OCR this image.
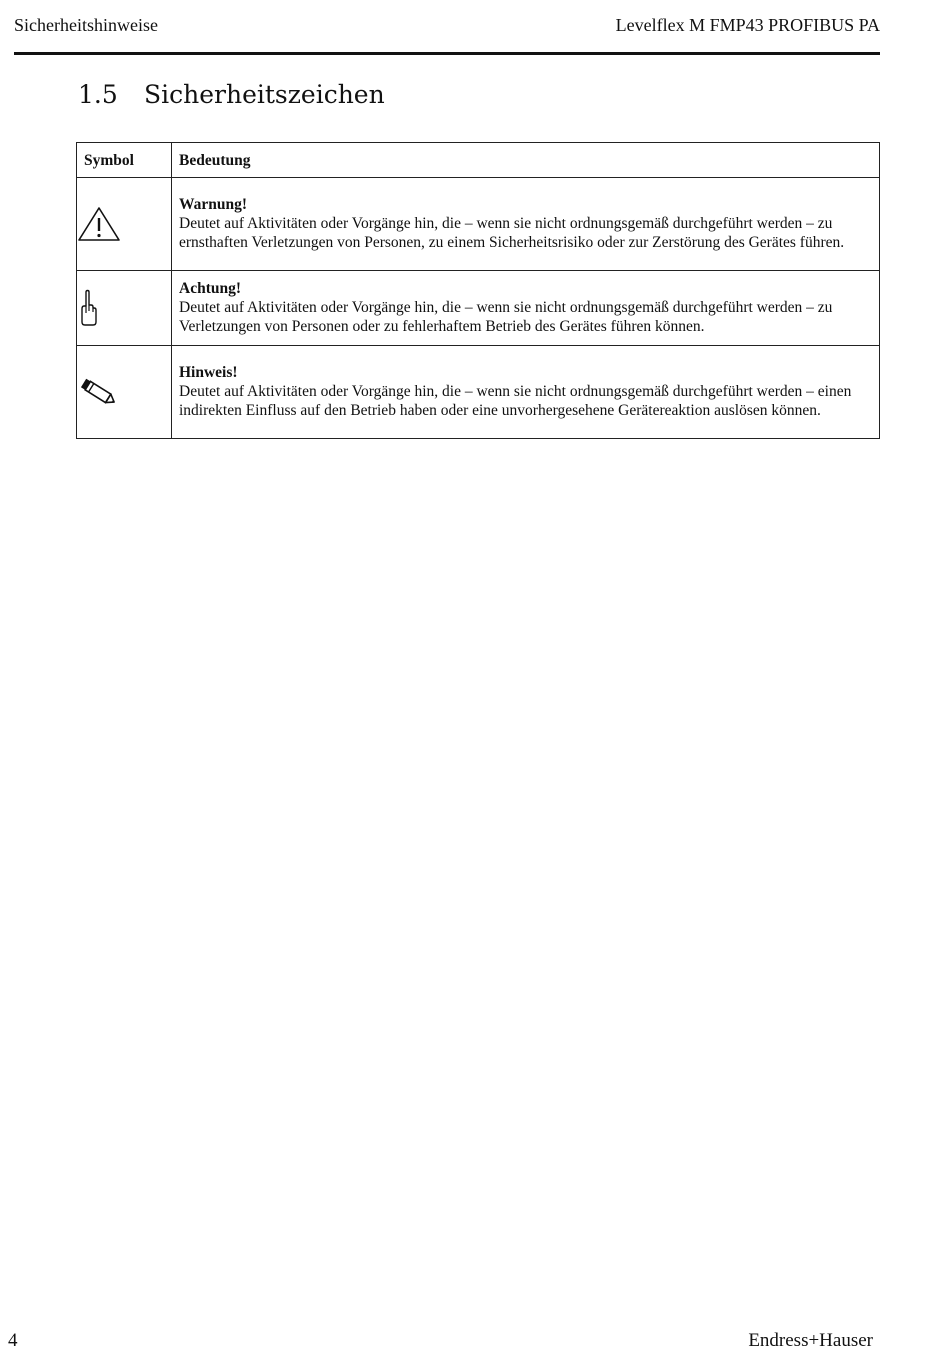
Sicherheitshinweise	Levelflex M FMP43 PROFIBUS PA
1.5	Sicherheitszeichen
Symbol	Bedeutung

Warnung!
Deutet auf Aktivitäten oder Vorgänge hin, die – wenn sie nicht ordnungsgemäß durchgeführt werden – zu ernsthaften Verletzungen von Personen, zu einem Sicherheitsrisiko oder zur Zerstörung des Gerätes führen.

Achtung!
Deutet auf Aktivitäten oder Vorgänge hin, die – wenn sie nicht ordnungsgemäß durchgeführt werden – zu Verletzungen von Personen oder zu fehlerhaftem Betrieb des Gerätes führen können.

Hinweis!
Deutet auf Aktivitäten oder Vorgänge hin, die – wenn sie nicht ordnungsgemäß durchgeführt werden – einen indirekten Einfluss auf den Betrieb haben oder eine unvorhergesehene Gerätereaktion auslösen können.
4	Endress+Hauser
